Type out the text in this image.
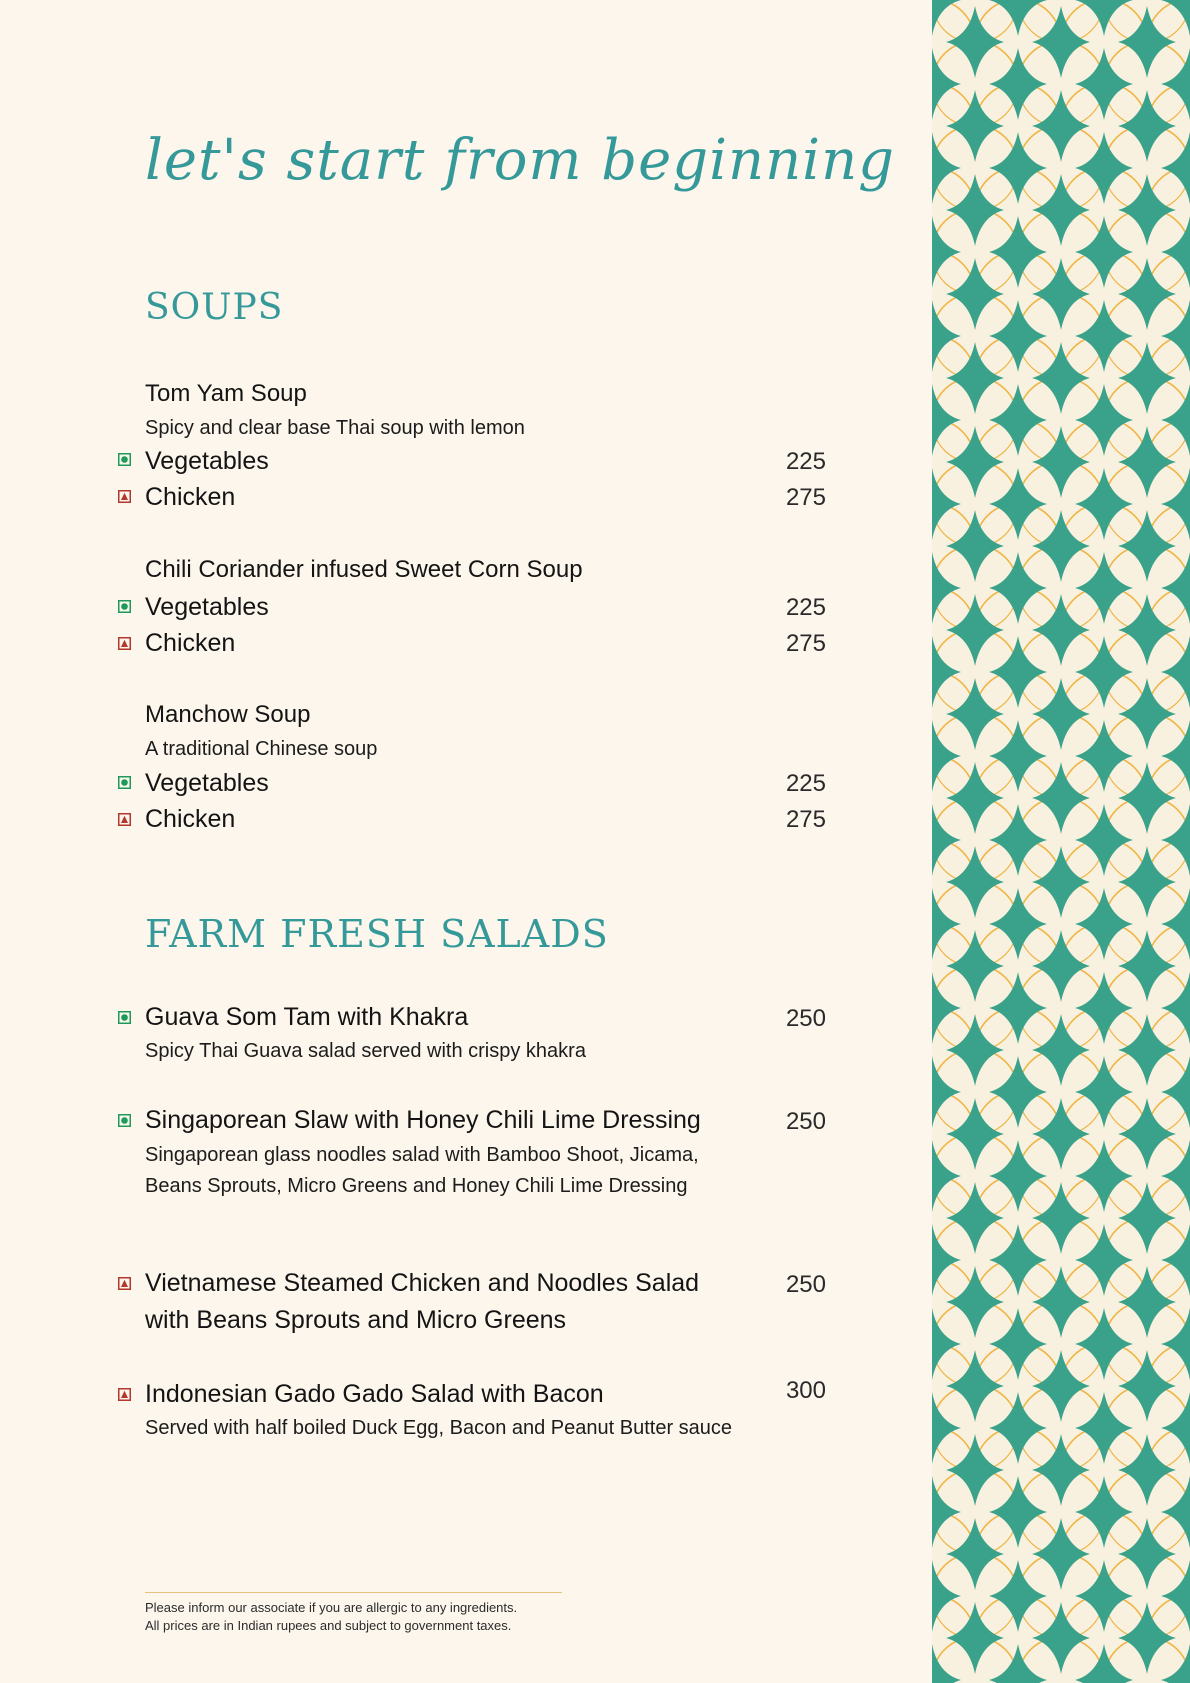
let's start from beginning
SOUPS
Tom Yam Soup
Spicy and clear base Thai soup with lemon
Vegetables	225
Chicken	275
Chili Coriander infused Sweet Corn Soup
Vegetables	225
Chicken	275
Manchow Soup
A traditional Chinese soup
Vegetables	225
Chicken	275
FARM FRESH SALADS
Guava Som Tam with Khakra	250
Spicy Thai Guava salad served with crispy khakra
Singaporean Slaw with Honey Chili Lime Dressing	250
Singaporean glass noodles salad with Bamboo Shoot, Jicama, Beans Sprouts, Micro Greens and Honey Chili Lime Dressing
Vietnamese Steamed Chicken and Noodles Salad
with Beans Sprouts and Micro Greens
250
Indonesian Gado Gado Salad with Bacon	300
Served with half boiled Duck Egg, Bacon and Peanut Butter sauce
Please inform our associate if you are allergic to any ingredients.
All prices are in Indian rupees and subject to government taxes.
